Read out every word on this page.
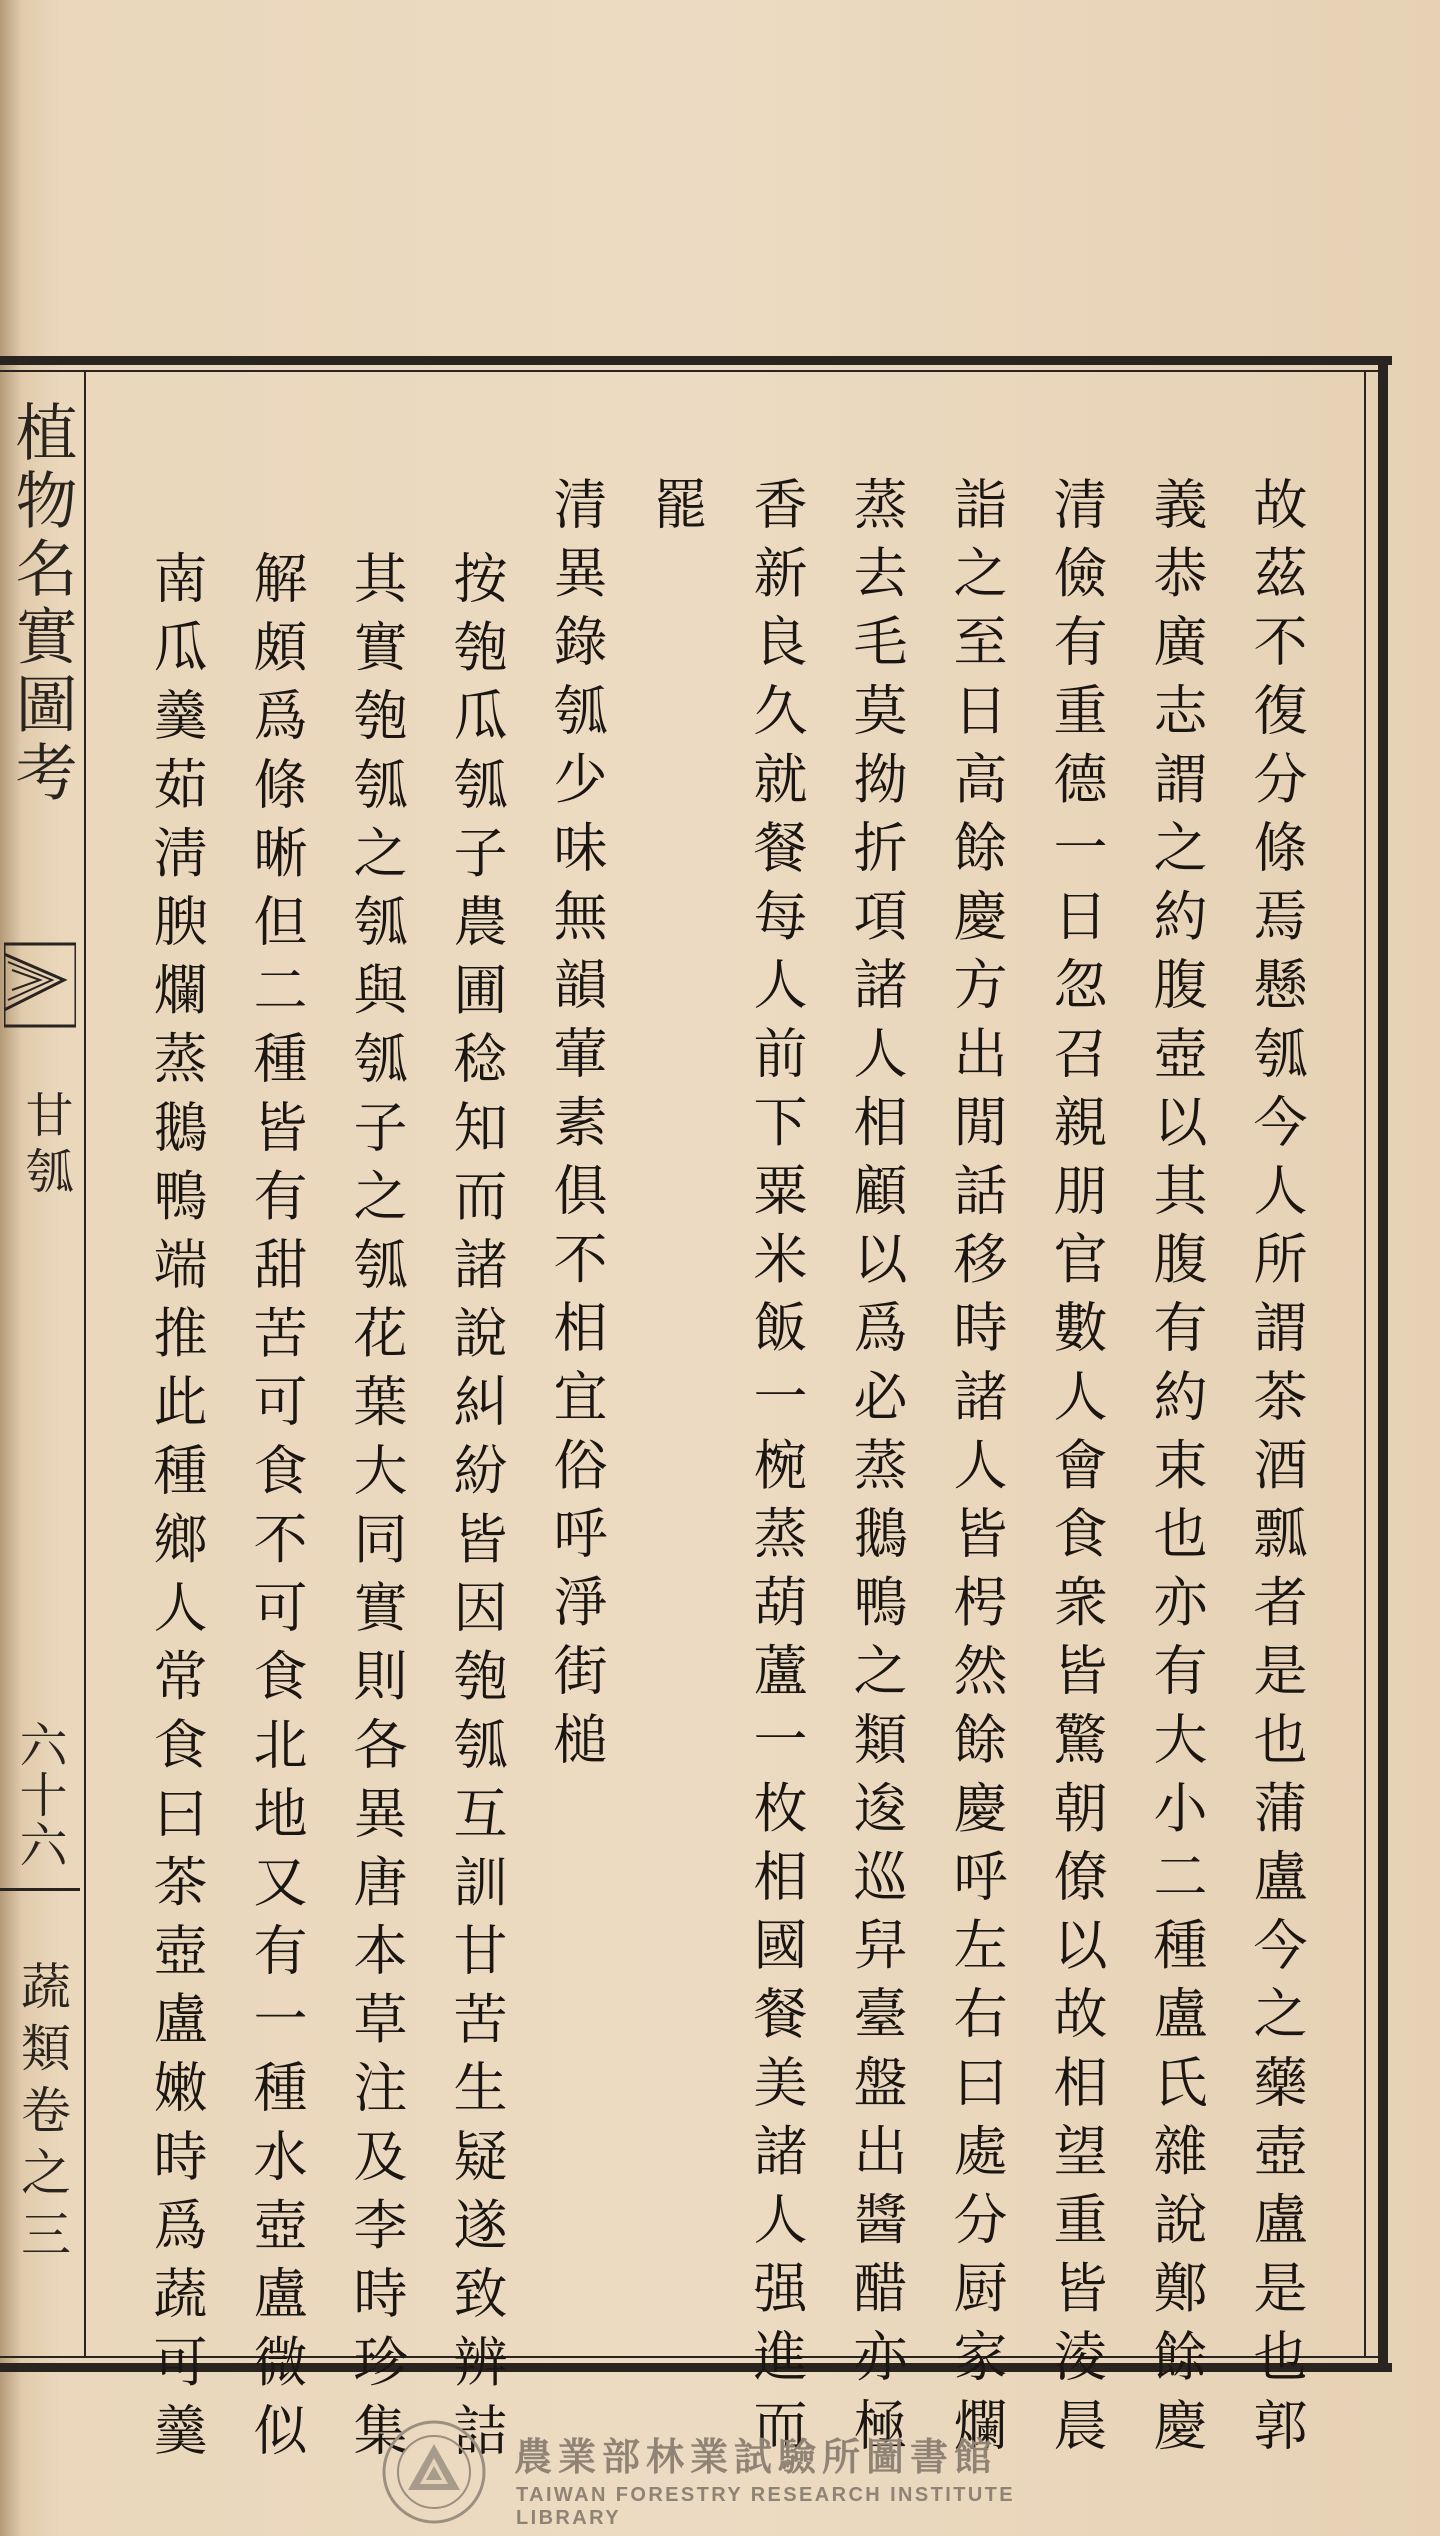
植物名實圖考
甘瓠
六十六
蔬類卷之三	故茲不復分條焉懸瓠今人所謂茶酒瓢者是也蒲盧今之藥壺盧是也郭
義恭廣志謂之約腹壺以其腹有約束也亦有大小二種盧氏雜說鄭餘慶
清儉有重德一日忽召親朋官數人會食衆皆驚朝僚以故相望重皆淩晨
詣之至日高餘慶方出閒話移時諸人皆枵然餘慶呼左右曰處分厨家爛
蒸去毛莫拗折項諸人相顧以爲必蒸鵝鴨之類逡巡舁臺盤出醬醋亦極
香新良久就餐每人前下粟米飯一椀蒸葫蘆一枚相國餐美諸人强進而
罷
清異錄瓠少味無韻葷素俱不相宜俗呼淨街槌
按匏瓜瓠子農圃稔知而諸說糾紛皆因匏瓠互訓甘苦生疑遂致辨詰
其實匏瓠之瓠與瓠子之瓠花葉大同實則各異唐本草注及李時珍集
解頗爲條晰但二種皆有甜苦可食不可食北地又有一種水壺盧微似
南瓜羹茹淸腴爛蒸鵝鴨端推此種鄉人常食曰茶壺盧嫩時爲蔬可羹	農業部林業試驗所圖書館
TAIWAN FORESTRY RESEARCH INSTITUTE LIBRARY
